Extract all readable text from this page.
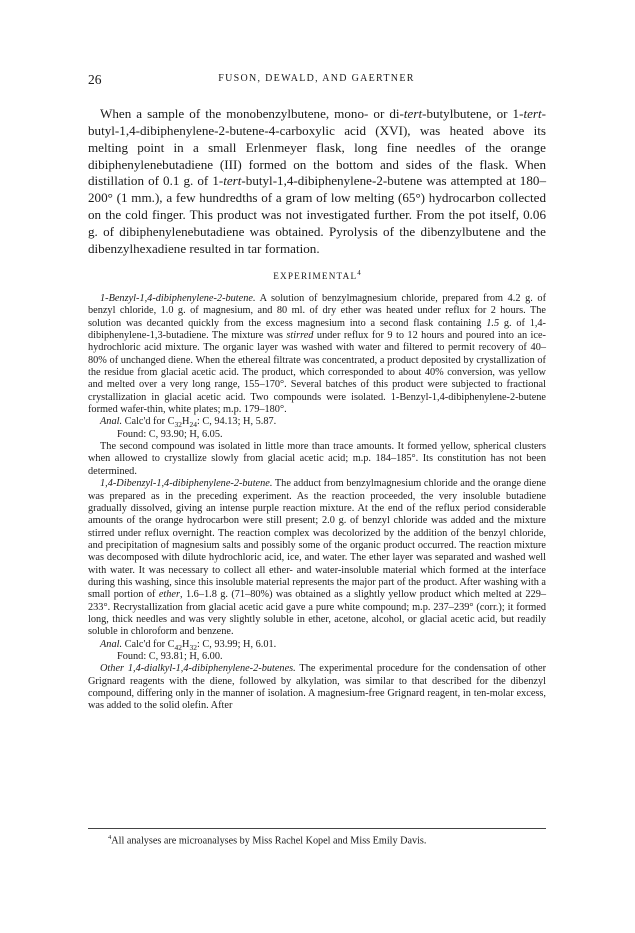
26	FUSON, DEWALD, AND GAERTNER

When a sample of the monobenzylbutene, mono- or di-tert-butylbutene, or 1-tert-butyl-1,4-dibiphenylene-2-butene-4-carboxylic acid (XVI), was heated above its melting point in a small Erlenmeyer flask, long fine needles of the orange dibiphenylenebutadiene (III) formed on the bottom and sides of the flask. When distillation of 0.1 g. of 1-tert-butyl-1,4-dibiphenylene-2-butene was attempted at 180–200° (1 mm.), a few hundredths of a gram of low melting (65°) hydrocarbon collected on the cold finger. This product was not investigated further. From the pot itself, 0.06 g. of dibiphenylenebutadiene was obtained. Pyrolysis of the dibenzylbutene and the dibenzylhexadiene resulted in tar formation.

EXPERIMENTAL$^4$

1-Benzyl-1,4-dibiphenylene-2-butene. A solution of benzylmagnesium chloride, prepared from 4.2 g. of benzyl chloride, 1.0 g. of magnesium, and 80 ml. of dry ether was heated under reflux for 2 hours. The solution was decanted quickly from the excess magnesium into a second flask containing 1.5 g. of 1,4-dibiphenylene-1,3-butadiene. The mixture was stirred under reflux for 9 to 12 hours and poured into an ice-hydrochloric acid mixture. The organic layer was washed with water and filtered to permit recovery of 40–80% of unchanged diene. When the ethereal filtrate was concentrated, a product deposited by crystallization of the residue from glacial acetic acid. The product, which corresponded to about 40% conversion, was yellow and melted over a very long range, 155–170°. Several batches of this product were subjected to fractional crystallization in glacial acetic acid. Two compounds were isolated. 1-Benzyl-1,4-dibiphenylene-2-butene formed wafer-thin, white plates; m.p. 179–180°.

Anal. Calc'd for $C_{32}H_{24}$: C, 94.13; H, 5.87.

Found: C, 93.90; H, 6.05.

The second compound was isolated in little more than trace amounts. It formed yellow, spherical clusters when allowed to crystallize slowly from glacial acetic acid; m.p. 184–185°. Its constitution has not been determined.

1,4-Dibenzyl-1,4-dibiphenylene-2-butene. The adduct from benzylmagnesium chloride and the orange diene was prepared as in the preceding experiment. As the reaction proceeded, the very insoluble butadiene gradually dissolved, giving an intense purple reaction mixture. At the end of the reflux period considerable amounts of the orange hydrocarbon were still present; 2.0 g. of benzyl chloride was added and the mixture stirred under reflux overnight. The reaction complex was decolorized by the addition of the benzyl chloride, and precipitation of magnesium salts and possibly some of the organic product occurred. The reaction mixture was decomposed with dilute hydrochloric acid, ice, and water. The ether layer was separated and washed well with water. It was necessary to collect all ether- and water-insoluble material which formed at the interface during this washing, since this insoluble material represents the major part of the product. After washing with a small portion of ether, 1.6–1.8 g. (71–80%) was obtained as a slightly yellow product which melted at 229–233°. Recrystallization from glacial acetic acid gave a pure white compound; m.p. 237–239° (corr.); it formed long, thick needles and was very slightly soluble in ether, acetone, alcohol, or glacial acetic acid, but readily soluble in chloroform and benzene.

Anal. Calc'd for $C_{42}H_{32}$: C, 93.99; H, 6.01.

Found: C, 93.81; H, 6.00.

Other 1,4-dialkyl-1,4-dibiphenylene-2-butenes. The experimental procedure for the condensation of other Grignard reagents with the diene, followed by alkylation, was similar to that described for the dibenzyl compound, differing only in the manner of isolation. A magnesium-free Grignard reagent, in ten-molar excess, was added to the solid olefin. After

$^4$All analyses are microanalyses by Miss Rachel Kopel and Miss Emily Davis.
